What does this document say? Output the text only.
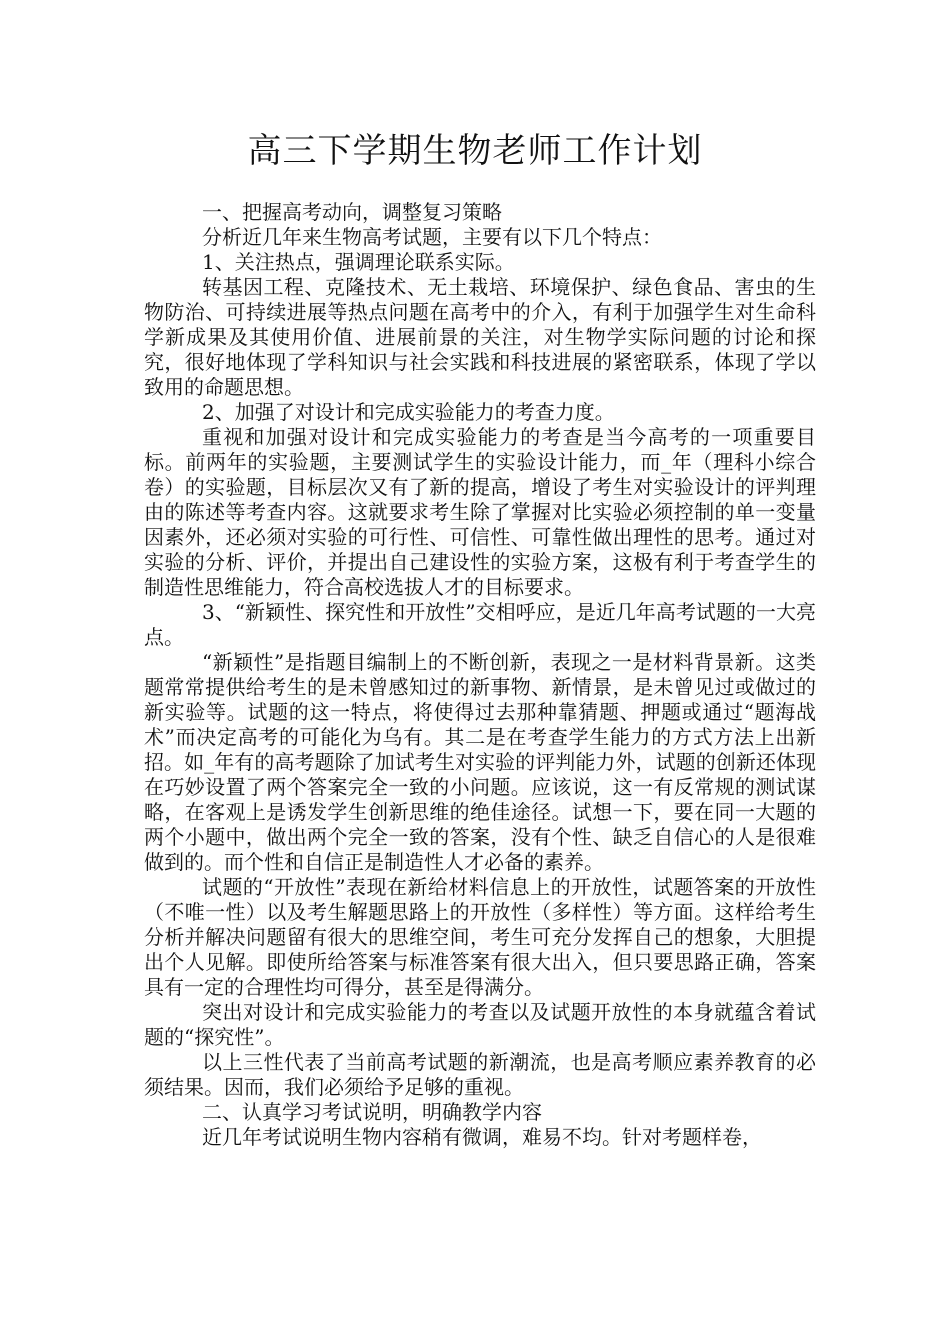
高三下学期生物老师工作计划

一、把握高考动向，调整复习策略

分析近几年来生物高考试题，主要有以下几个特点：

1、关注热点，强调理论联系实际。

转基因工程、克隆技术、无土栽培、环境保护、绿色食品、害虫的生物防治、可持续进展等热点问题在高考中的介入，有利于加强学生对生命科学新成果及其使用价值、进展前景的关注，对生物学实际问题的讨论和探究，很好地体现了学科知识与社会实践和科技进展的紧密联系，体现了学以致用的命题思想。

2、加强了对设计和完成实验能力的考查力度。

重视和加强对设计和完成实验能力的考查是当今高考的一项重要目标。前两年的实验题，主要测试学生的实验设计能力，而_年（理科小综合卷）的实验题，目标层次又有了新的提高，增设了考生对实验设计的评判理由的陈述等考查内容。这就要求考生除了掌握对比实验必须控制的单一变量因素外，还必须对实验的可行性、可信性、可靠性做出理性的思考。通过对实验的分析、评价，并提出自己建设性的实验方案，这极有利于考查学生的制造性思维能力，符合高校选拔人才的目标要求。

3、“新颖性、探究性和开放性”交相呼应，是近几年高考试题的一大亮点。

“新颖性”是指题目编制上的不断创新，表现之一是材料背景新。这类题常常提供给考生的是未曾感知过的新事物、新情景，是未曾见过或做过的新实验等。试题的这一特点，将使得过去那种靠猜题、押题或通过“题海战术”而决定高考的可能化为乌有。其二是在考查学生能力的方式方法上出新招。如_年有的高考题除了加试考生对实验的评判能力外，试题的创新还体现在巧妙设置了两个答案完全一致的小问题。应该说，这一有反常规的测试谋略，在客观上是诱发学生创新思维的绝佳途径。试想一下，要在同一大题的两个小题中，做出两个完全一致的答案，没有个性、缺乏自信心的人是很难做到的。而个性和自信正是制造性人才必备的素养。

试题的“开放性”表现在新给材料信息上的开放性，试题答案的开放性（不唯一性）以及考生解题思路上的开放性（多样性）等方面。这样给考生分析并解决问题留有很大的思维空间，考生可充分发挥自己的想象，大胆提出个人见解。即使所给答案与标准答案有很大出入，但只要思路正确，答案具有一定的合理性均可得分，甚至是得满分。

突出对设计和完成实验能力的考查以及试题开放性的本身就蕴含着试题的“探究性”。

以上三性代表了当前高考试题的新潮流，也是高考顺应素养教育的必须结果。因而，我们必须给予足够的重视。

二、认真学习考试说明，明确教学内容

近几年考试说明生物内容稍有微调，难易不均。针对考题样卷，
